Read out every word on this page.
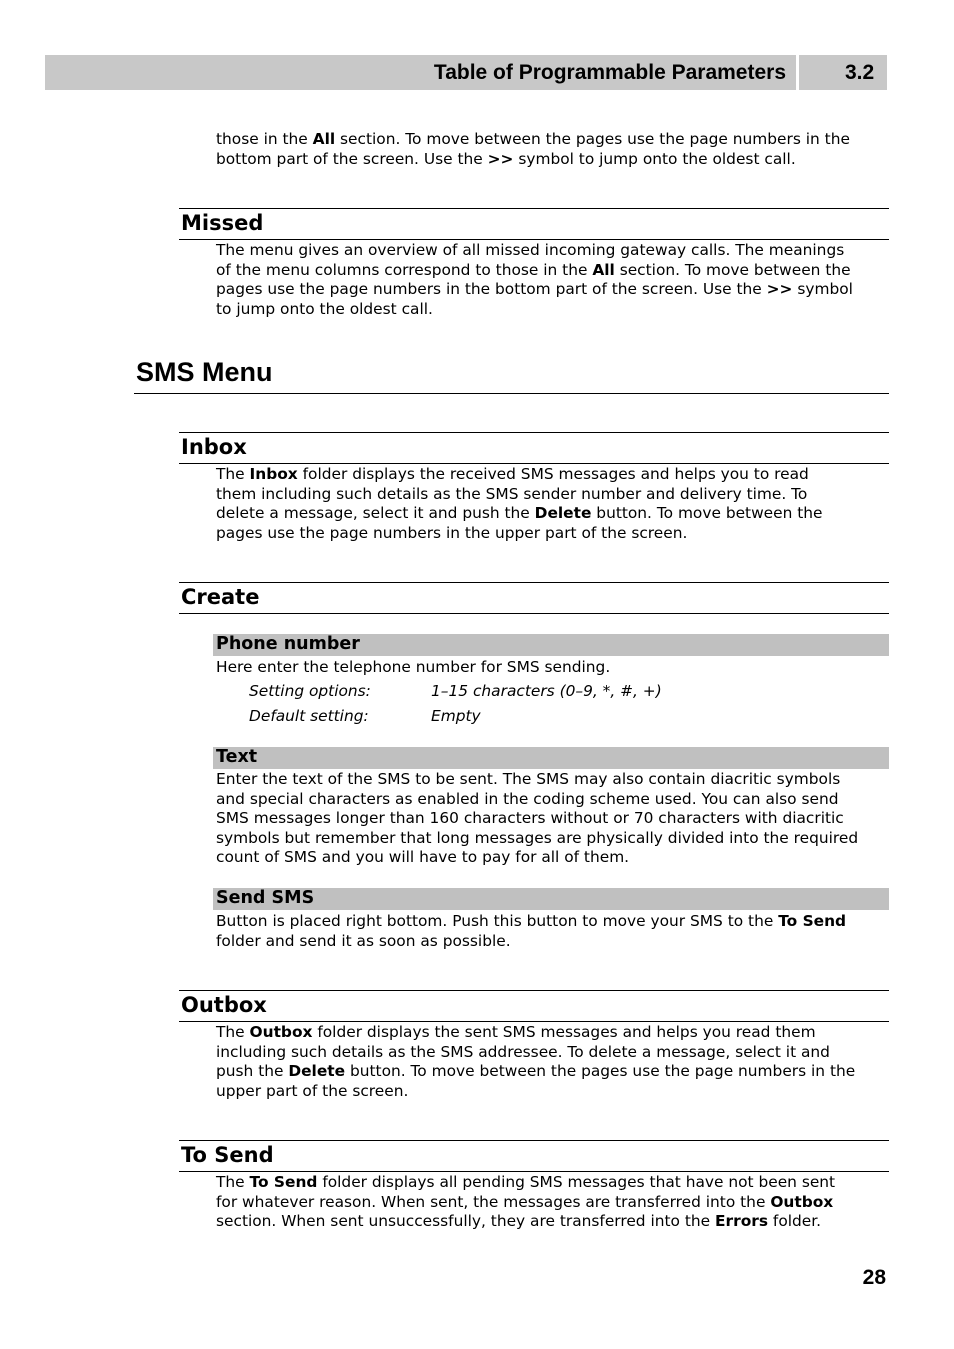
Table of Programmable Parameters	3.2
those in the All section. To move between the pages use the page numbers in the
bottom part of the screen. Use the >> symbol to jump onto the oldest call.
Missed
The menu gives an overview of all missed incoming gateway calls. The meanings
of the menu columns correspond to those in the All section. To move between the
pages use the page numbers in the bottom part of the screen. Use the >> symbol
to jump onto the oldest call.
SMS Menu
Inbox
The Inbox folder displays the received SMS messages and helps you to read
them including such details as the SMS sender number and delivery time. To
delete a message, select it and push the Delete button. To move between the
pages use the page numbers in the upper part of the screen.
Create
Phone number
Here enter the telephone number for SMS sending.
Setting options:	1–15 characters (0–9, *, #, +)
Default setting:	Empty
Text
Enter the text of the SMS to be sent. The SMS may also contain diacritic symbols
and special characters as enabled in the coding scheme used. You can also send
SMS messages longer than 160 characters without or 70 characters with diacritic
symbols but remember that long messages are physically divided into the required
count of SMS and you will have to pay for all of them.
Send SMS
Button is placed right bottom. Push this button to move your SMS to the To Send
folder and send it as soon as possible.
Outbox
The Outbox folder displays the sent SMS messages and helps you read them
including such details as the SMS addressee. To delete a message, select it and
push the Delete button. To move between the pages use the page numbers in the
upper part of the screen.
To Send
The To Send folder displays all pending SMS messages that have not been sent
for whatever reason. When sent, the messages are transferred into the Outbox
section. When sent unsuccessfully, they are transferred into the Errors folder.
28
